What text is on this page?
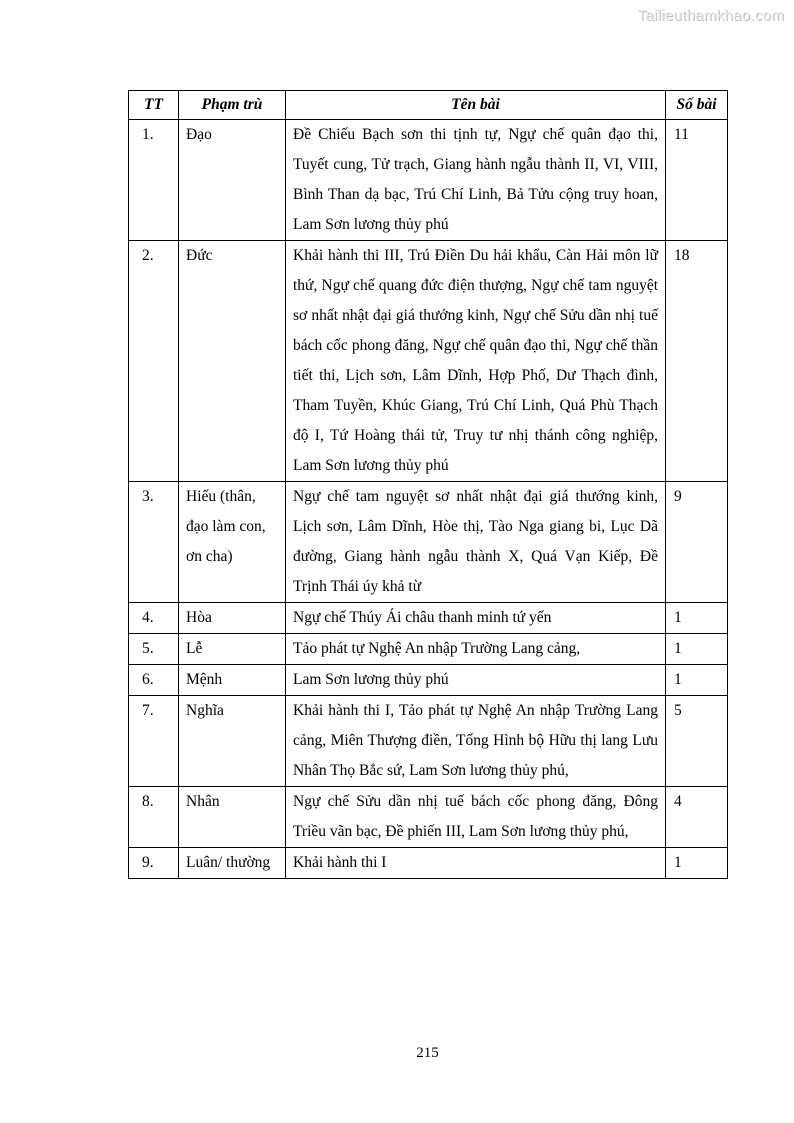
Tailieuthamkhao.com
TT	Phạm trù	Tên bài	Số bài
1.	Đạo	Đề Chiếu Bạch sơn thi tịnh tự, Ngự chế quân đạo thi, Tuyết cung, Tử trạch, Giang hành ngẫu thành II, VI, VIII, Bình Than dạ bạc, Trú Chí Linh, Bả Tửu cộng truy hoan, Lam Sơn lương thủy phú	11
2.	Đức	Khải hành thi III, Trú Điền Du hải khẩu, Càn Hải môn lữ thứ, Ngự chế quang đức điện thượng, Ngự chế tam nguyệt sơ nhất nhật đại giá thướng kinh, Ngự chế Sửu dần nhị tuế bách cốc phong đăng, Ngự chế quân đạo thi, Ngự chế thần tiết thi, Lịch sơn, Lâm Dĩnh, Hợp Phố, Dư Thạch đình, Tham Tuyền, Khúc Giang, Trú Chí Linh, Quá Phù Thạch độ I, Tứ Hoàng thái tử, Truy tư nhị thánh công nghiệp, Lam Sơn lương thủy phú	18
3.	Hiếu (thân, đạo làm con, ơn cha)	Ngự chế tam nguyệt sơ nhất nhật đại giá thướng kinh, Lịch sơn, Lâm Dĩnh, Hòe thị, Tào Nga giang bi, Lục Dã đường, Giang hành ngẫu thành X, Quá Vạn Kiếp, Đề Trịnh Thái úy khả từ	9
4.	Hòa	Ngự chế Thúy Ái châu thanh minh tứ yến	1
5.	Lễ	Tảo phát tự Nghệ An nhập Trường Lang cảng,	1
6.	Mệnh	Lam Sơn lương thủy phú	1
7.	Nghĩa	Khải hành thi I, Tảo phát tự Nghệ An nhập Trường Lang cảng, Miên Thượng điền, Tống Hình bộ Hữu thị lang Lưu Nhân Thọ Bắc sứ, Lam Sơn lương thủy phú,	5
8.	Nhân	Ngự chế Sửu dần nhị tuế bách cốc phong đăng, Đông Triều vãn bạc, Đề phiến III, Lam Sơn lương thủy phú,	4
9.	Luân/ thường	Khải hành thi I	1
215
